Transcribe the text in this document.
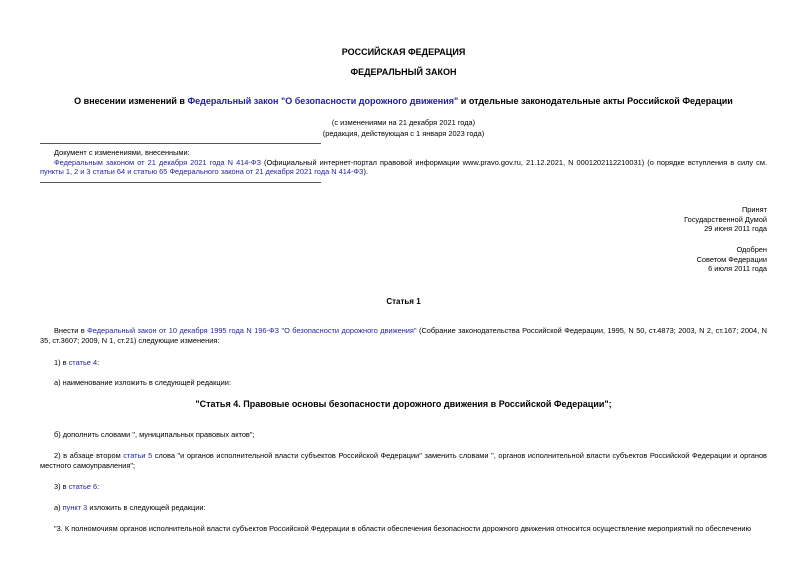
РОССИЙСКАЯ ФЕДЕРАЦИЯ
ФЕДЕРАЛЬНЫЙ ЗАКОН
О внесении изменений в Федеральный закон "О безопасности дорожного движения" и отдельные законодательные акты Российской Федерации
(с изменениями на 21 декабря 2021 года)
(редакция, действующая с 1 января 2023 года)
Документ с изменениями, внесенными:
Федеральным законом от 21 декабря 2021 года N 414-ФЗ (Официальный интернет-портал правовой информации www.pravo.gov.ru, 21.12.2021, N 0001202112210031) (о порядке вступления в силу см. пункты 1, 2 и 3 статьи 64 и статью 65 Федерального закона от 21 декабря 2021 года N 414-ФЗ).
Принят
Государственной Думой
29 июня 2011 года
Одобрен
Советом Федерации
6 июля 2011 года
Статья 1
Внести в Федеральный закон от 10 декабря 1995 года N 196-ФЗ "О безопасности дорожного движения" (Собрание законодательства Российской Федерации, 1995, N 50, ст.4873; 2003, N 2, ст.167; 2004, N 35, ст.3607; 2009, N 1, ст.21) следующие изменения:
1) в статье 4:
а) наименование изложить в следующей редакции:
"Статья 4. Правовые основы безопасности дорожного движения в Российской Федерации";
б) дополнить словами ", муниципальных правовых актов";
2) в абзаце втором статьи 5 слова "и органов исполнительной власти субъектов Российской Федерации" заменить словами ", органов исполнительной власти субъектов Российской Федерации и органов местного самоуправления";
3) в статье 6:
а) пункт 3 изложить в следующей редакции:
"3. К полномочиям органов исполнительной власти субъектов Российской Федерации в области обеспечения безопасности дорожного движения относится осуществление мероприятий по обеспечению
